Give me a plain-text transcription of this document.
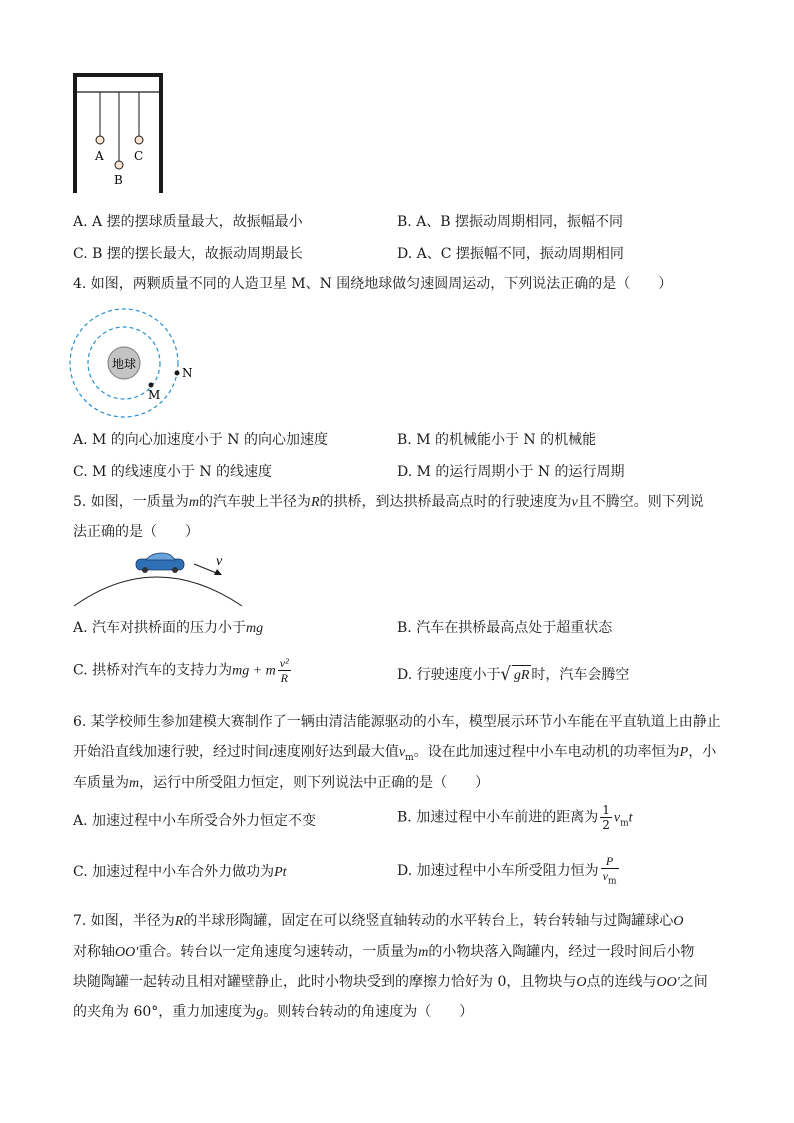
A
B
C
A. A 摆的摆球质量最大，故振幅最小	B. A、B 摆振动周期相同，振幅不同
C. B 摆的摆长最大，故振动周期最长	D. A、C 摆振幅不同，振动周期相同
4. 如图，两颗质量不同的人造卫星 M、N 围绕地球做匀速圆周运动，下列说法正确的是（　　）
地球
N
M
A. M 的向心加速度小于 N 的向心加速度	B. M 的机械能小于 N 的机械能
C. M 的线速度小于 N 的线速度	D. M 的运行周期小于 N 的运行周期
5. 如图，一质量为m的汽车驶上半径为R的拱桥，到达拱桥最高点时的行驶速度为v且不腾空。则下列说
法正确的是（　　）
v
A. 汽车对拱桥面的压力小于mg	B. 汽车在拱桥最高点处于超重状态
C. 拱桥对汽车的支持力为mg + m $\frac{\text{v²}}{R}$	D. 行驶速度小于√ gR 时，汽车会腾空
6. 某学校师生参加建模大赛制作了一辆由清洁能源驱动的小车，模型展示环节小车能在平直轨道上由静止
开始沿直线加速行驶，经过时间t速度刚好达到最大值$v_m$。设在此加速过程中小车电动机的功率恒为P，小
车质量为m，运行中所受阻力恒定，则下列说法中正确的是（　　）
A. 加速过程中小车所受合外力恒定不变	B. 加速过程中小车前进的距离为 $\frac{1}{2} v_mt$
C. 加速过程中小车合外力做功为Pt	D. 加速过程中小车所受阻力恒为 $\frac{P}{v_m}$
7. 如图，半径为R的半球形陶罐，固定在可以绕竖直轴转动的水平转台上，转台转轴与过陶罐球心O
对称轴OO′重合。转台以一定角速度匀速转动，一质量为m的小物块落入陶罐内，经过一段时间后小物
块随陶罐一起转动且相对罐壁静止，此时小物块受到的摩擦力恰好为 0，且物块与O点的连线与OO′之间
的夹角为 60°，重力加速度为g。则转台转动的角速度为（　　）
